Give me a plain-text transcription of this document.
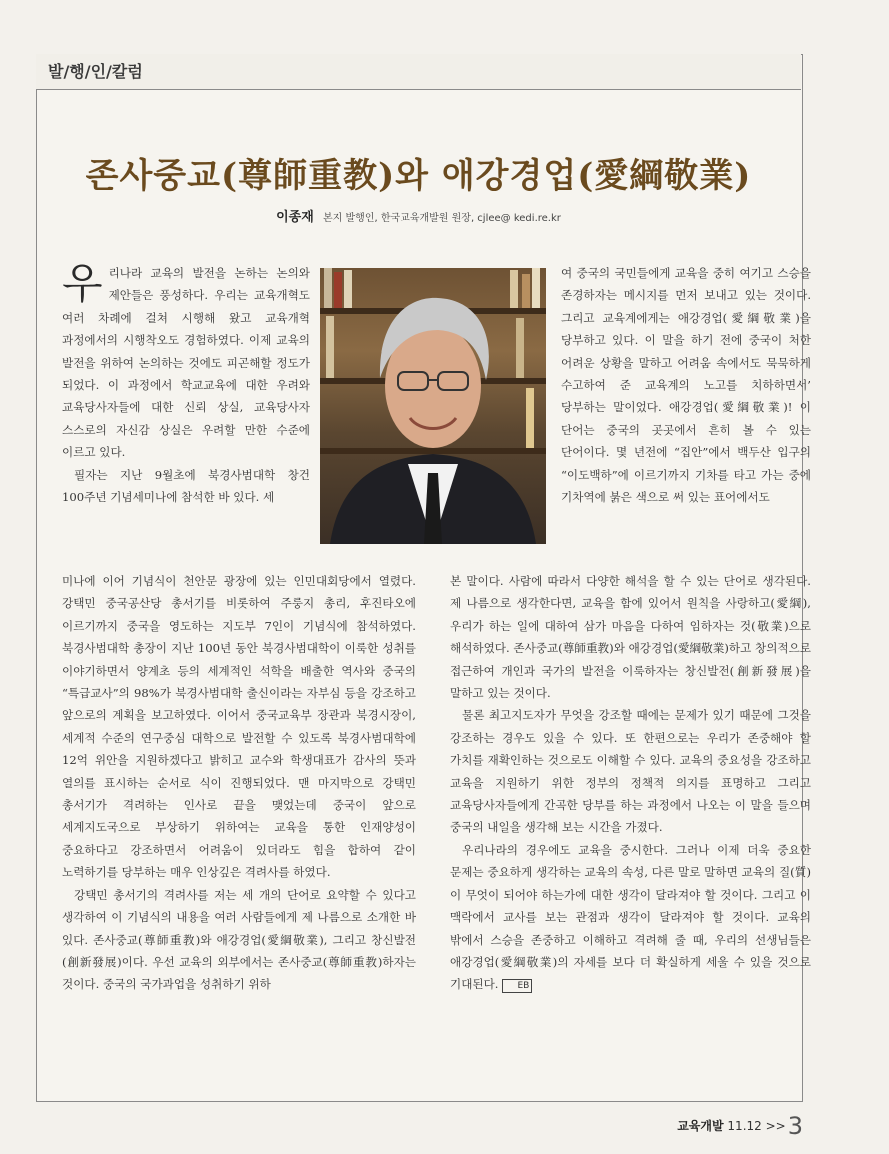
발/행/인/칼럼
존사중교(尊師重教)와 애강경업(愛綱敬業)
이종재 본지 발행인, 한국교육개발원 원장, cjlee@ kedi.re.kr

우리나라 교육의 발전을 논하는 논의와 제안들은 풍성하다. 우리는 교육개혁도 여러 차례에 걸쳐 시행해 왔고 교육개혁 과정에서의 시행착오도 경험하였다. 이제 교육의 발전을 위하여 논의하는 것에도 피곤해할 정도가 되었다. 이 과정에서 학교교육에 대한 우려와 교육당사자들에 대한 신뢰 상실, 교육당사자 스스로의 자신감 상실은 우려할 만한 수준에 이르고 있다.

필자는 지난 9월초에 북경사범대학 창건 100주년 기념세미나에 참석한 바 있다. 세

미나에 이어 기념식이 천안문 광장에 있는 인민대회당에서 열렸다. 강택민 중국공산당 총서기를 비롯하여 주룽지 총리, 후진타오에 이르기까지 중국을 영도하는 지도부 7인이 기념식에 참석하였다. 북경사범대학 총장이 지난 100년 동안 북경사범대학이 이룩한 성취를 이야기하면서 양계초 등의 세계적인 석학을 배출한 역사와 중국의 “특급교사”의 98%가 북경사범대학 출신이라는 자부심 등을 강조하고 앞으로의 계획을 보고하였다. 이어서 중국교육부 장관과 북경시장이, 세계적 수준의 연구중심 대학으로 발전할 수 있도록 북경사범대학에 12억 위안을 지원하겠다고 밝히고 교수와 학생대표가 감사의 뜻과 열의를 표시하는 순서로 식이 진행되었다. 맨 마지막으로 강택민 총서기가 격려하는 인사로 끝을 맺었는데 중국이 앞으로 세계지도국으로 부상하기 위하여는 교육을 통한 인재양성이 중요하다고 강조하면서 어려움이 있더라도 힘을 합하여 같이 노력하기를 당부하는 매우 인상깊은 격려사를 하였다.

강택민 총서기의 격려사를 저는 세 개의 단어로 요약할 수 있다고 생각하여 이 기념식의 내용을 여러 사람들에게 제 나름으로 소개한 바 있다. 존사중교(尊師重教)와 애강경업(愛綱敬業), 그리고 창신발전(創新發展)이다. 우선 교육의 외부에서는 존사중교(尊師重教)하자는 것이다. 중국의 국가과업을 성취하기 위하

여 중국의 국민들에게 교육을 중히 여기고 스승을 존경하자는 메시지를 먼저 보내고 있는 것이다. 그리고 교육계에게는 애강경업(愛綱敬業)을 당부하고 있다. 이 말을 하기 전에 중국이 처한 어려운 상황을 말하고 어려움 속에서도 묵묵하게 수고하여 준 교육계의 노고를 치하하면서’ 당부하는 말이었다. 애강경업(愛綱敬業)! 이 단어는 중국의 곳곳에서 흔히 볼 수 있는 단어이다. 몇 년전에 “집안”에서 백두산 입구의 “이도백하”에 이르기까지 기차를 타고 가는 중에 기차역에 붉은 색으로 써 있는 표어에서도

본 말이다. 사람에 따라서 다양한 해석을 할 수 있는 단어로 생각된다. 제 나름으로 생각한다면, 교육을 함에 있어서 원칙을 사랑하고(愛綱), 우리가 하는 일에 대하여 삼가 마음을 다하여 임하자는 것(敬業)으로 해석하였다. 존사중교(尊師重教)와 애강경업(愛綱敬業)하고 창의적으로 접근하여 개인과 국가의 발전을 이룩하자는 창신발전(創新發展)을 말하고 있는 것이다.

물론 최고지도자가 무엇을 강조할 때에는 문제가 있기 때문에 그것을 강조하는 경우도 있을 수 있다. 또 한편으로는 우리가 존중해야 할 가치를 재확인하는 것으로도 이해할 수 있다. 교육의 중요성을 강조하고 교육을 지원하기 위한 정부의 정책적 의지를 표명하고 그리고 교육당사자들에게 간곡한 당부를 하는 과정에서 나오는 이 말을 들으며 중국의 내일을 생각해 보는 시간을 가졌다.

우리나라의 경우에도 교육을 중시한다. 그러나 이제 더욱 중요한 문제는 중요하게 생각하는 교육의 속성, 다른 말로 말하면 교육의 질(質)이 무엇이 되어야 하는가에 대한 생각이 달라져야 할 것이다. 그리고 이 맥락에서 교사를 보는 관점과 생각이 달라져야 할 것이다. 교육의 밖에서 스승을 존중하고 이해하고 격려해 줄 때, 우리의 선생님들은 애강경업(愛綱敬業)의 자세를 보다 더 확실하게 세울 수 있을 것으로 기대된다. EB

교육개발 11.12 >>3
